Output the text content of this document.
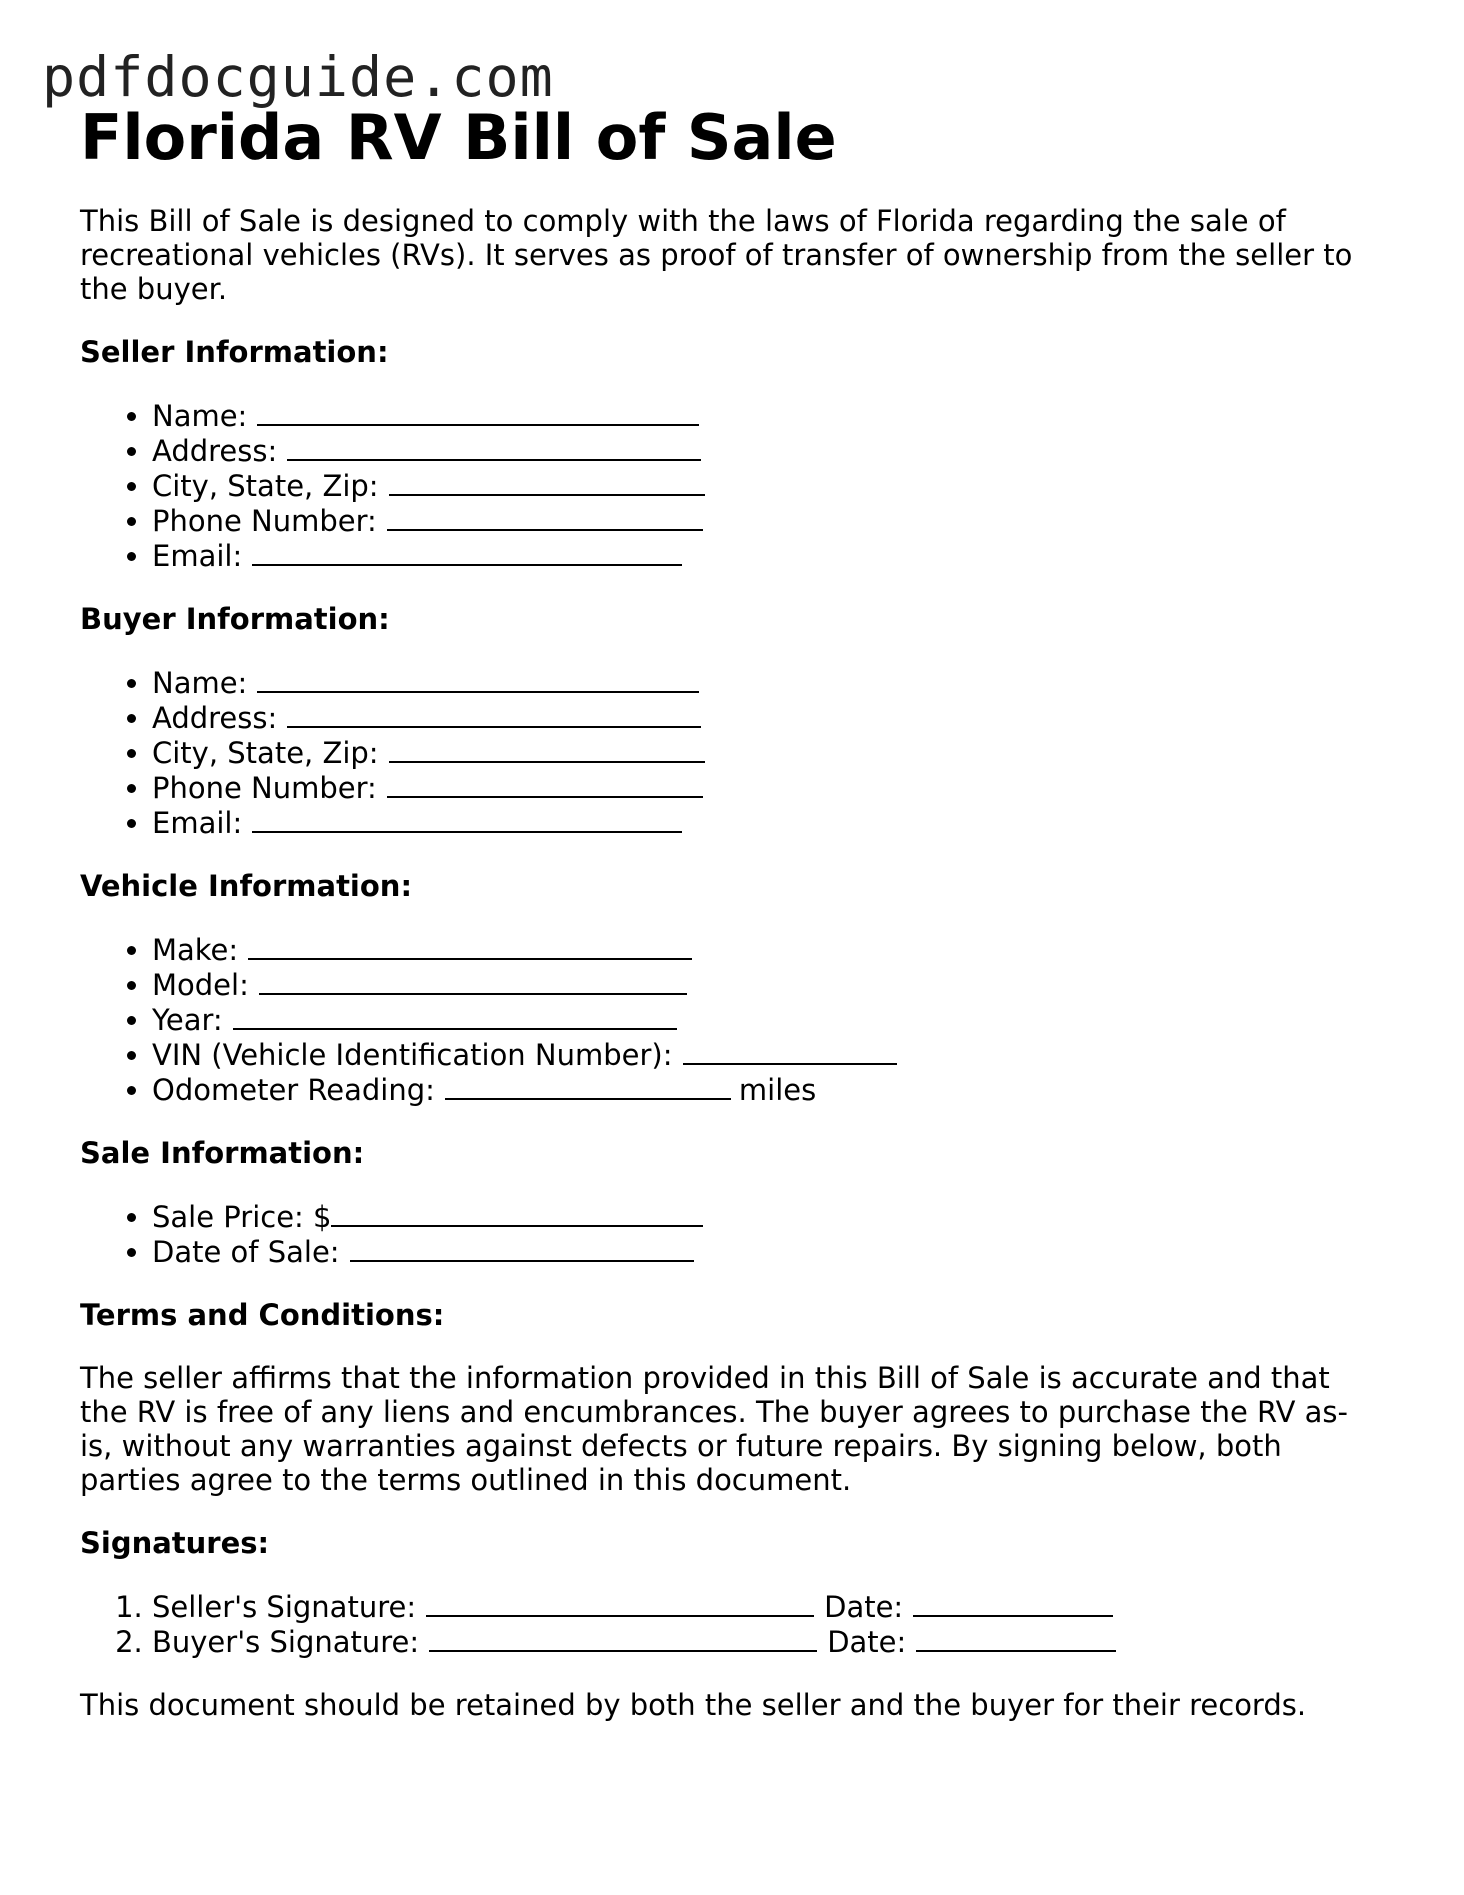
pdfdocguide.com
Florida RV Bill of Sale

This Bill of Sale is designed to comply with the laws of Florida regarding the sale of recreational vehicles (RVs). It serves as proof of transfer of ownership from the seller to the buyer.

Seller Information:
• Name:
• Address:
• City, State, Zip:
• Phone Number:
• Email:
Buyer Information:
• Name:
• Address:
• City, State, Zip:
• Phone Number:
• Email:
Vehicle Information:
• Make:
• Model:
• Year:
• VIN (Vehicle Identification Number):
• Odometer Reading:	miles
Sale Information:
• Sale Price: $
• Date of Sale:
Terms and Conditions:

The seller affirms that the information provided in this Bill of Sale is accurate and that the RV is free of any liens and encumbrances. The buyer agrees to purchase the RV as-is, without any warranties against defects or future repairs. By signing below, both parties agree to the terms outlined in this document.

Signatures:
1. Seller's Signature:	Date:
2. Buyer's Signature:	Date:

This document should be retained by both the seller and the buyer for their records.
